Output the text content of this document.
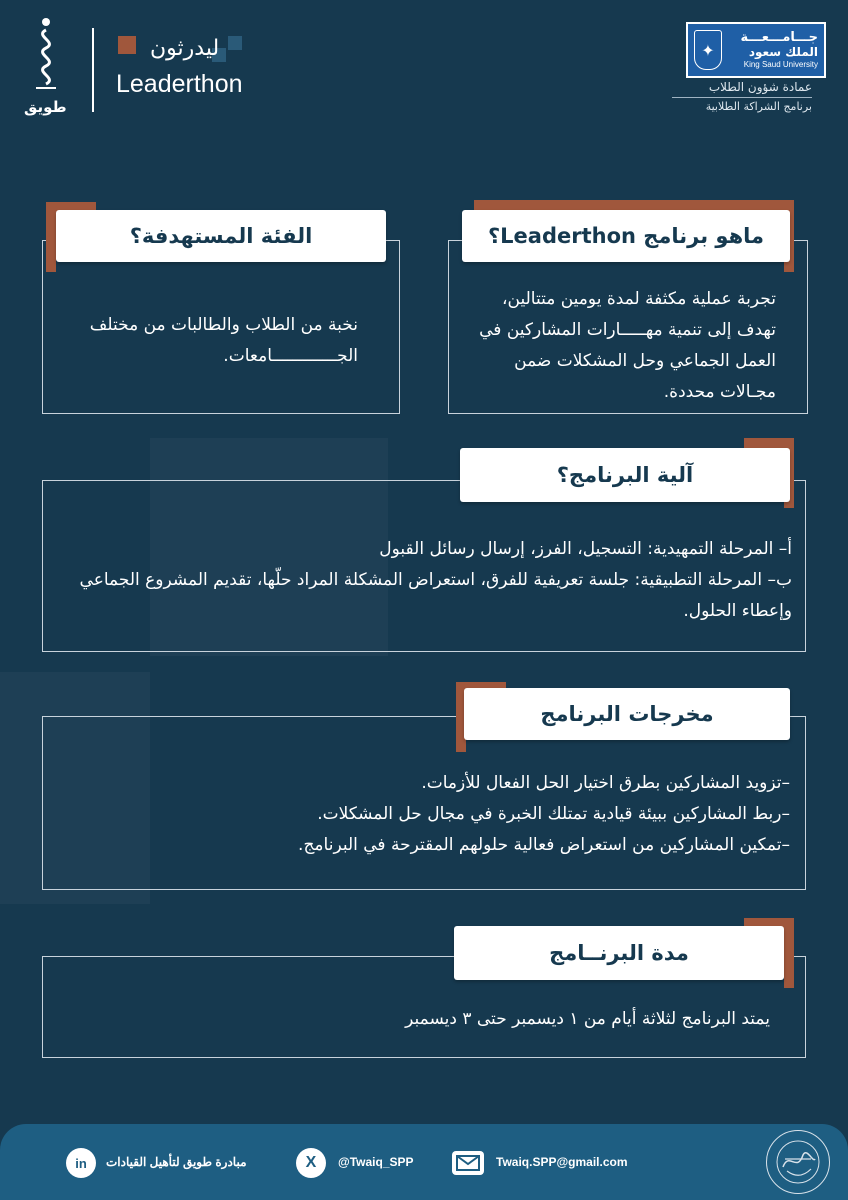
✦
جـــامـــعـــة
الملك سعود
King Saud University
عمادة شؤون الطلاب
برنامج الشراكة الطلابية
طويق
ليدرثون
Leaderthon
ماهو برنامج Leaderthon؟
تجربة عملية مكثفة لمدة يومين متتالين، تهدف إلى تنمية مهـــــارات المشاركين في العمل الجماعي وحل المشكلات ضمن مجـالات محددة.
الفئة المستهدفة؟
نخبة من الطلاب والطالبات من مختلف الجـــــــــــــامعات.
آلية البرنامج؟
أ– المرحلة التمهيدية: التسجيل، الفرز، إرسال رسائل القبول
ب– المرحلة التطبيقية: جلسة تعريفية للفرق، استعراض المشكلة المراد حلّها، تقديم المشروع الجماعي وإعطاء الحلول.
مخرجات البرنامج
–تزويد المشاركين بطرق اختيار الحل الفعال للأزمات.
–ربط المشاركين ببيئة قيادية تمتلك الخبرة في مجال حل المشكلات.
–تمكين المشاركين من استعراض فعالية حلولهم المقترحة في البرنامج.
مدة البرنــامج
يمتد البرنامج لثلاثة أيام من ١ ديسمبر حتى ٣ ديسمبر
in	مبادرة طويق لتأهيل القيادات	X	@Twaiq_SPP	Twaiq.SPP@gmail.com
